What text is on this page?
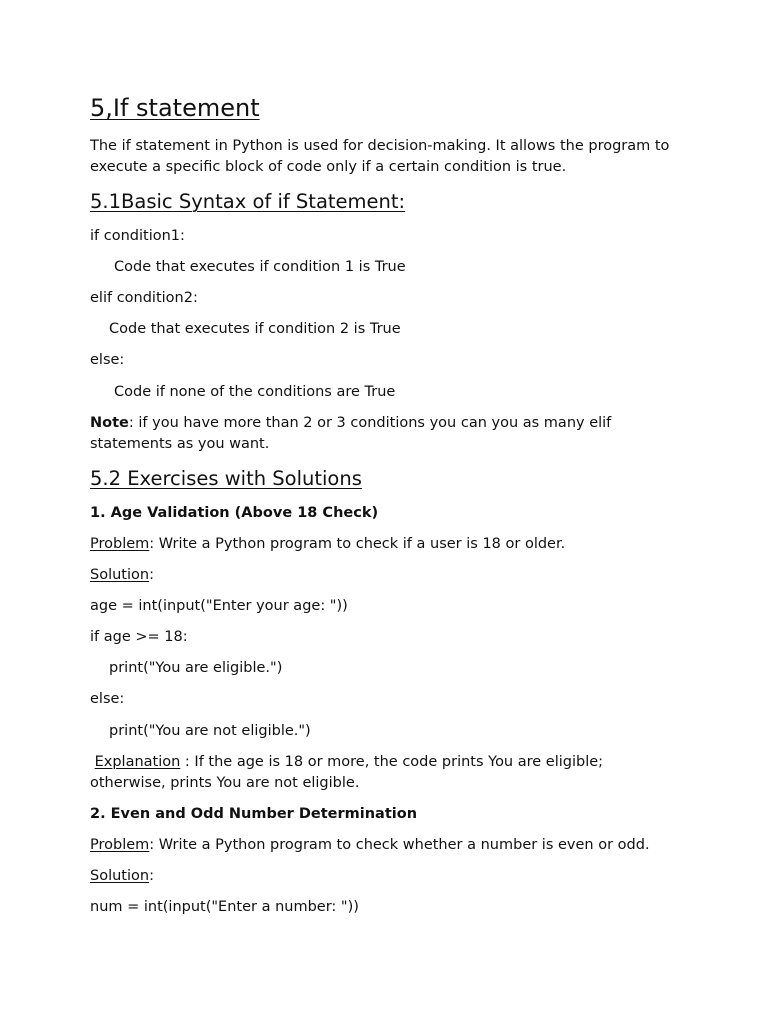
5,If statement
The if statement in Python is used for decision-making. It allows the program to execute a specific block of code only if a certain condition is true.
5.1Basic Syntax of if Statement:
if condition1:
Code that executes if condition 1 is True
elif condition2:
Code that executes if condition 2 is True
else:
Code if none of the conditions are True
Note: if you have more than 2 or 3 conditions you can you as many elif statements as you want.
5.2 Exercises with Solutions
1. Age Validation (Above 18 Check)
Problem: Write a Python program to check if a user is 18 or older.
Solution:
age = int(input("Enter your age: "))
if age >= 18:
print("You are eligible.")
else:
print("You are not eligible.")
Explanation : If the age is 18 or more, the code prints You are eligible; otherwise, prints You are not eligible.
2. Even and Odd Number Determination
Problem: Write a Python program to check whether a number is even or odd.
Solution:
num = int(input("Enter a number: "))
